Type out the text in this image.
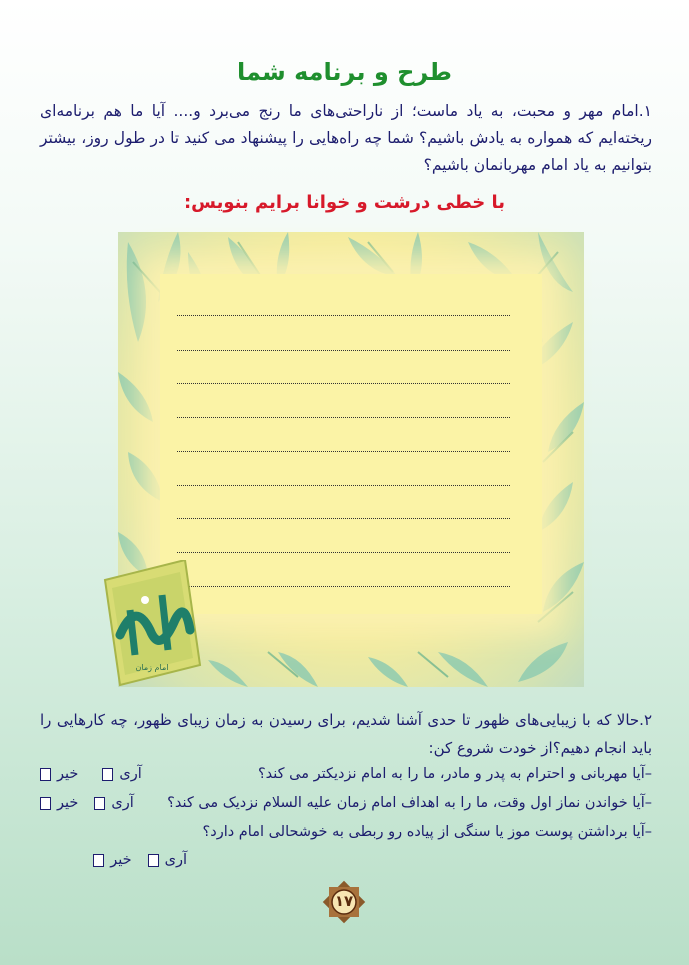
طرح و برنامه شما
۱.امام مهر و محبت، به یاد ماست؛ از ناراحتی‌های ما رنج می‌برد و.... آیا ما هم برنامه‌ای ریخته‌ایم که همواره به یادش باشیم؟ شما چه راه‌هایی را پیشنهاد می کنید تا در طول روز، بیشتر بتوانیم به یاد امام مهربانمان باشیم؟
با خطی درشت و خوانا برایم بنویس:
امام زمان
۲.حالا که با زیبایی‌های ظهور تا حدی آشنا شدیم، برای رسیدن به زمان زیبای ظهور، چه کارهایی را باید انجام دهیم؟از خودت شروع کن:
–آیا مهربانی و احترام به پدر و مادر، ما را به امام نزدیکتر می کند؟
آری
خیر
–آیا خواندن نماز اول وقت، ما را به اهداف امام زمان عليه السلام نزدیک می کند؟
آری
خیر
–آیا برداشتن پوست موز یا سنگی از پیاده رو ربطی به خوشحالی امام دارد؟
آری
خیر
۱۷
